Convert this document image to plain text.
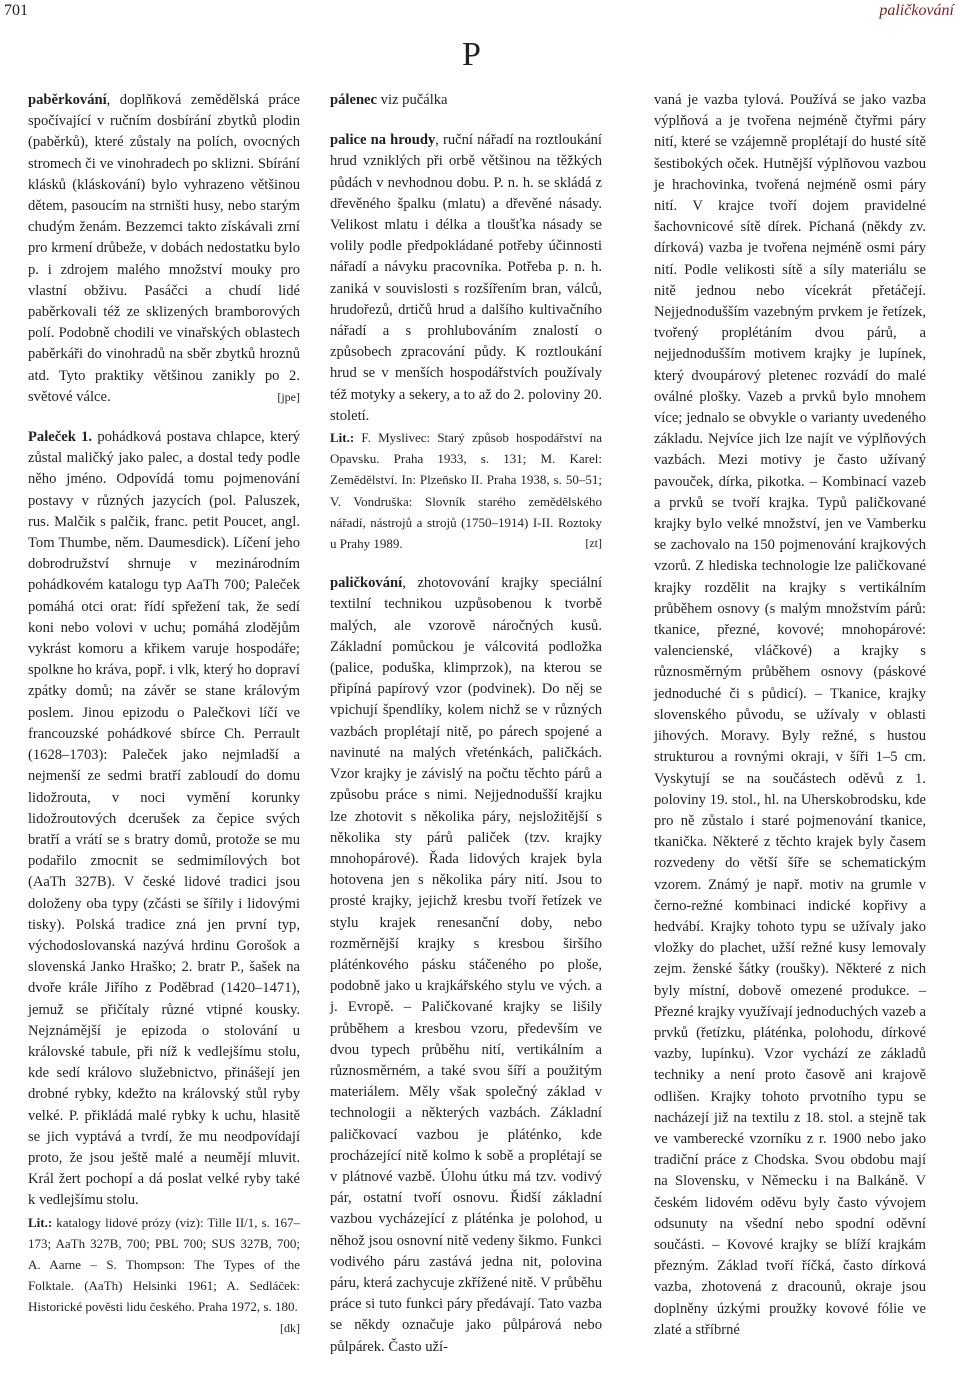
701	paličkování
P

paběrkování, doplňková zemědělská práce spočívající v ručním dosbírání zbytků plodin (paběrků), které zůstaly na polích, ovocných stromech či ve vinohradech po sklizni. Sbírání klásků (kláskování) bylo vyhrazeno většinou dětem, pasoucím na strništi husy, nebo starým chudým ženám. Bezzemci takto získávali zrní pro krmení drůbeže, v dobách nedostatku bylo p. i zdrojem malého množství mouky pro vlastní obživu. Pasáčci a chudí lidé paběrkovali též ze sklizených bramborových polí. Podobně chodili ve vinařských oblastech paběrkáři do vinohradů na sběr zbytků hroznů atd. Tyto praktiky většinou zanikly po 2. světové válce.	[jpe]

Paleček 1. pohádková postava chlapce, který zůstal maličký jako palec, a dostal tedy podle něho jméno. Odpovídá tomu pojmenování postavy v různých jazycích (pol. Paluszek, rus. Malčik s palčik, franc. petit Poucet, angl. Tom Thumbe, něm. Daumesdick). Líčení jeho dobrodružství shrnuje v mezinárodním pohádkovém katalogu typ AaTh 700; Paleček pomáhá otci orat: řídí spřežení tak, že sedí koni nebo volovi v uchu; pomáhá zlodějům vykrást komoru a křikem varuje hospodáře; spolkne ho kráva, popř. i vlk, který ho dopraví zpátky domů; na závěr se stane královým poslem. Jinou epizodu o Palečkovi líčí ve francouzské pohádkové sbírce Ch. Perrault (1628–1703): Paleček jako nejmladší a nejmenší ze sedmi bratří zabloudí do domu lidožrouta, v noci vymění korunky lidožroutových dcerušek za čepice svých bratří a vrátí se s bratry domů, protože se mu podařilo zmocnit se sedmimílových bot (AaTh 327B). V české lidové tradici jsou doloženy oba typy (zčásti se šířily i lidovými tisky). Polská tradice zná jen první typ, východoslovanská nazývá hrdinu Gorošok a slovenská Janko Hraško; 2. bratr P., šašek na dvoře krále Jiřího z Poděbrad (1420–1471), jemuž se přičítaly různé vtipné kousky. Nejznámější je epizoda o stolování u královské tabule, při níž k vedlejšímu stolu, kde sedí královo služebnictvo, přinášejí jen drobné rybky, kdežto na královský stůl ryby velké. P. přikládá malé rybky k uchu, hlasitě se jich vyptává a tvrdí, že mu neodpovídají proto, že jsou ještě malé a neumějí mluvit. Král žert pochopí a dá poslat velké ryby také k vedlejšímu stolu.

Lit.: katalogy lidové prózy (viz): Tille II/1, s. 167–173; AaTh 327B, 700; PBL 700; SUS 327B, 700; A. Aarne – S. Thompson: The Types of the Folktale. (AaTh) Helsinki 1961; A. Sedláček: Historické pověsti lidu českého. Praha 1972, s. 180.
[dk]

pálenec viz pučálka

palice na hroudy, ruční nářadí na roztloukání hrud vzniklých při orbě většinou na těžkých půdách v nevhodnou dobu. P. n. h. se skládá z dřevěného špalku (mlatu) a dřevěné násady. Velikost mlatu i délka a tloušťka násady se volily podle předpokládané potřeby účinnosti nářadí a návyku pracovníka. Potřeba p. n. h. zaniká v souvislosti s rozšířením bran, válců, hrudořezů, drtičů hrud a dalšího kultivačního nářadí a s prohlubováním znalostí o způsobech zpracování půdy. K roztloukání hrud se v menších hospodářstvích používaly též motyky a sekery, a to až do 2. poloviny 20. století.

Lit.: F. Myslivec: Starý způsob hospodářství na Opavsku. Praha 1933, s. 131; M. Karel: Zemědělství. In: Plzeňsko II. Praha 1938, s. 50–51; V. Vondruška: Slovník starého zemědělského nářadí, nástrojů a strojů (1750–1914) I-II. Roztoky u Prahy 1989.	[zt]

paličkování, zhotovování krajky speciální textilní technikou uzpůsobenou k tvorbě malých, ale vzorově náročných kusů. Základní pomůckou je válcovitá podložka (palice, poduška, klimprzok), na kterou se připíná papírový vzor (podvinek). Do něj se vpichují špendlíky, kolem nichž se v různých vazbách proplétají nitě, po párech spojené a navinuté na malých vřeténkách, paličkách. Vzor krajky je závislý na počtu těchto párů a způsobu práce s nimi. Nejjednodušší krajku lze zhotovit s několika páry, nejsložitější s několika sty párů paliček (tzv. krajky mnohopárové). Řada lidových krajek byla hotovena jen s několika páry nití. Jsou to prosté krajky, jejichž kresbu tvoří řetízek ve stylu krajek renesanční doby, nebo rozměrnější krajky s kresbou širšího pláténkového pásku stáčeného po ploše, podobně jako u krajkářského stylu ve vých. a j. Evropě. – Paličkované krajky se lišily průběhem a kresbou vzoru, především ve dvou typech průběhu nití, vertikálním a různosměrném, a také svou šíří a použitým materiálem. Měly však společný základ v technologii a některých vazbách. Základní paličkovací vazbou je pláténko, kde procházející nitě kolmo k sobě a proplétají se v plátnové vazbě. Úlohu útku má tzv. vodivý pár, ostatní tvoří osnovu. Řidší základní vazbou vycházející z pláténka je polohod, u něhož jsou osnovní nitě vedeny šikmo. Funkci vodivého páru zastává jedna nit, polovina páru, která zachycuje zkřížené nitě. V průběhu práce si tuto funkci páry předávají. Tato vazba se někdy označuje jako půlpárová nebo půlpárek. Často uží-

vaná je vazba tylová. Používá se jako vazba výplňová a je tvořena nejméně čtyřmi páry nití, které se vzájemně proplétají do husté sítě šestibokých oček. Hutnější výplňovou vazbou je hrachovinka, tvořená nejméně osmi páry nití. V krajce tvoří dojem pravidelné šachovnicové sítě dírek. Píchaná (někdy zv. dírková) vazba je tvořena nejméně osmi páry nití. Podle velikosti sítě a síly materiálu se nitě jednou nebo vícekrát přetáčejí. Nejjednodušším vazebným prvkem je řetízek, tvořený proplétáním dvou párů, a nejjednodušším motivem krajky je lupínek, který dvoupárový pletenec rozvádí do malé oválné plošky. Vazeb a prvků bylo mnohem více; jednalo se obvykle o varianty uvedeného základu. Nejvíce jich lze najít ve výplňových vazbách. Mezi motivy je často užívaný pavouček, dírka, pikotka. – Kombinací vazeb a prvků se tvoří krajka. Typů paličkované krajky bylo velké množství, jen ve Vamberku se zachovalo na 150 pojmenování krajkových vzorů. Z hlediska technologie lze paličkované krajky rozdělit na krajky s vertikálním průběhem osnovy (s malým množstvím párů: tkanice, přezné, kovové; mnohopárové: valencienské, vláčkové) a krajky s různosměrným průběhem osnovy (páskové jednoduché či s půdicí). – Tkanice, krajky slovenského původu, se užívaly v oblasti jihových. Moravy. Byly režné, s hustou strukturou a rovnými okraji, v šíři 1–5 cm. Vyskytují se na součástech oděvů z 1. poloviny 19. stol., hl. na Uherskobrodsku, kde pro ně zůstalo i staré pojmenování tkanice, tkanička. Některé z těchto krajek byly časem rozvedeny do větší šíře se schematickým vzorem. Známý je např. motiv na grumle v černo-režné kombinaci indické kopřivy a hedvábí. Krajky tohoto typu se užívaly jako vložky do plachet, užší režné kusy lemovaly zejm. ženské šátky (roušky). Některé z nich byly místní, dobově omezené produkce. – Přezné krajky využívají jednoduchých vazeb a prvků (řetízku, pláténka, polohodu, dírkové vazby, lupínku). Vzor vychází ze základů techniky a není proto časově ani krajově odlišen. Krajky tohoto prvotního typu se nacházejí již na textilu z 18. stol. a stejně tak ve vamberecké vzorníku z r. 1900 nebo jako tradiční práce z Chodska. Svou obdobu mají na Slovensku, v Německu i na Balkáně. V českém lidovém oděvu byly často vývojem odsunuty na všední nebo spodní oděvní součásti. – Kovové krajky se blíží krajkám přezným. Základ tvoří říčká, často dírková vazba, zhotovená z dracounů, okraje jsou doplněny úzkými proužky kovové fólie ve zlaté a stříbrné
